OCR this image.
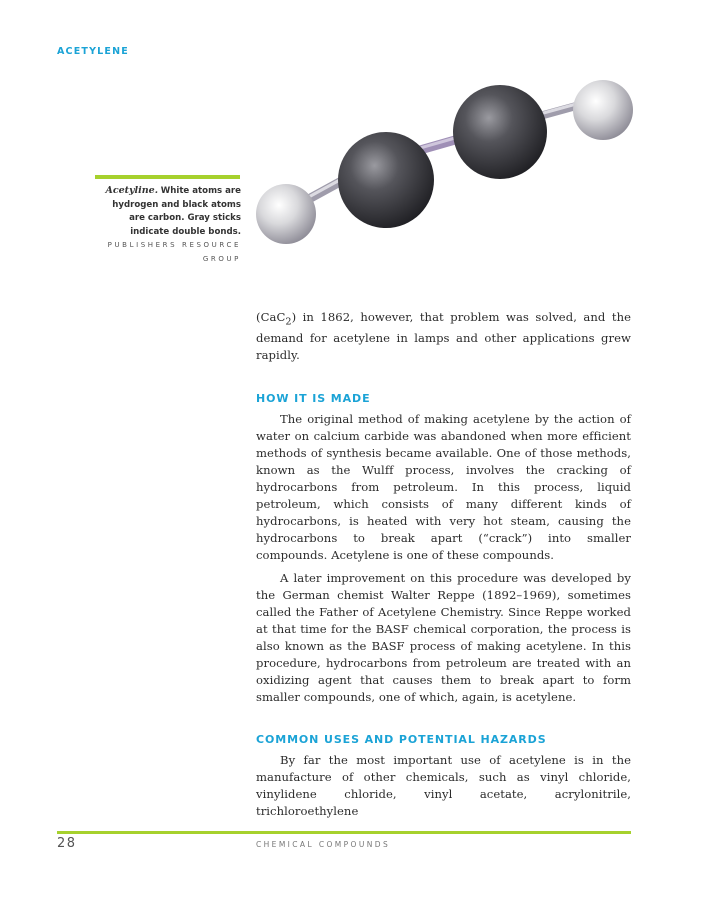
ACETYLENE
Acetyline. White atoms are hydrogen and black atoms are carbon. Gray sticks indicate double bonds. PUBLISHERS RESOURCE GROUP

(CaC$_2$) in 1862, however, that problem was solved, and the demand for acetylene in lamps and other applications grew rapidly.

HOW IT IS MADE

The original method of making acetylene by the action of water on calcium carbide was abandoned when more efficient methods of synthesis became available. One of those methods, known as the Wulff process, involves the cracking of hydrocarbons from petroleum. In this process, liquid petroleum, which consists of many different kinds of hydrocarbons, is heated with very hot steam, causing the hydrocarbons to break apart (“crack”) into smaller compounds. Acetylene is one of these compounds.

A later improvement on this procedure was developed by the German chemist Walter Reppe (1892–1969), sometimes called the Father of Acetylene Chemistry. Since Reppe worked at that time for the BASF chemical corporation, the process is also known as the BASF process of making acetylene. In this procedure, hydrocarbons from petroleum are treated with an oxidizing agent that causes them to break apart to form smaller compounds, one of which, again, is acetylene.

COMMON USES AND POTENTIAL HAZARDS

By far the most important use of acetylene is in the manufacture of other chemicals, such as vinyl chloride, vinylidene chloride, vinyl acetate, acrylonitrile, trichloroethylene

28	CHEMICAL COMPOUNDS
